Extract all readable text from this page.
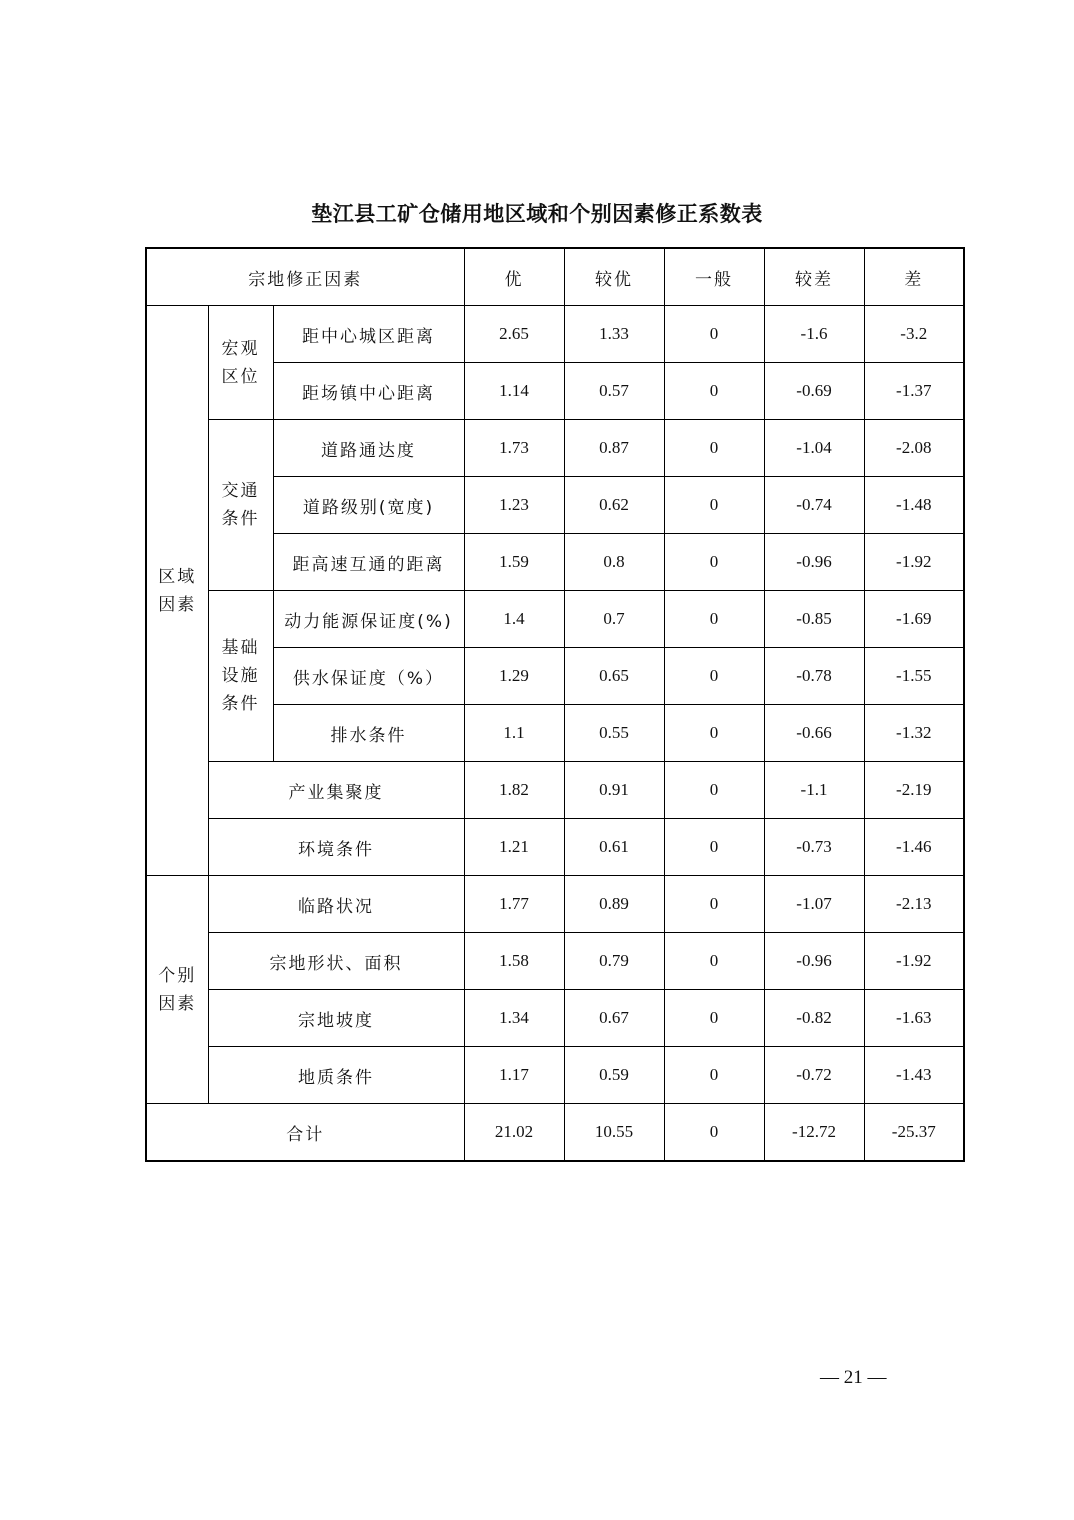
垫江县工矿仓储用地区域和个别因素修正系数表
宗地修正因素			优	较优	一般	较差	差
区域因素	宏观区位	距中心城区距离	2.65	1.33	0	-1.6	-3.2
		距场镇中心距离	1.14	0.57	0	-0.69	-1.37
	交通条件	道路通达度	1.73	0.87	0	-1.04	-2.08
		道路级别(宽度)	1.23	0.62	0	-0.74	-1.48
		距高速互通的距离	1.59	0.8	0	-0.96	-1.92
	基础设施条件	动力能源保证度(%)	1.4	0.7	0	-0.85	-1.69
		供水保证度（%）	1.29	0.65	0	-0.78	-1.55
		排水条件	1.1	0.55	0	-0.66	-1.32
	产业集聚度		1.82	0.91	0	-1.1	-2.19
	环境条件		1.21	0.61	0	-0.73	-1.46
个别因素	临路状况		1.77	0.89	0	-1.07	-2.13
	宗地形状、面积		1.58	0.79	0	-0.96	-1.92
	宗地坡度		1.34	0.67	0	-0.82	-1.63
	地质条件		1.17	0.59	0	-0.72	-1.43
合计			21.02	10.55	0	-12.72	-25.37
— 21 —
